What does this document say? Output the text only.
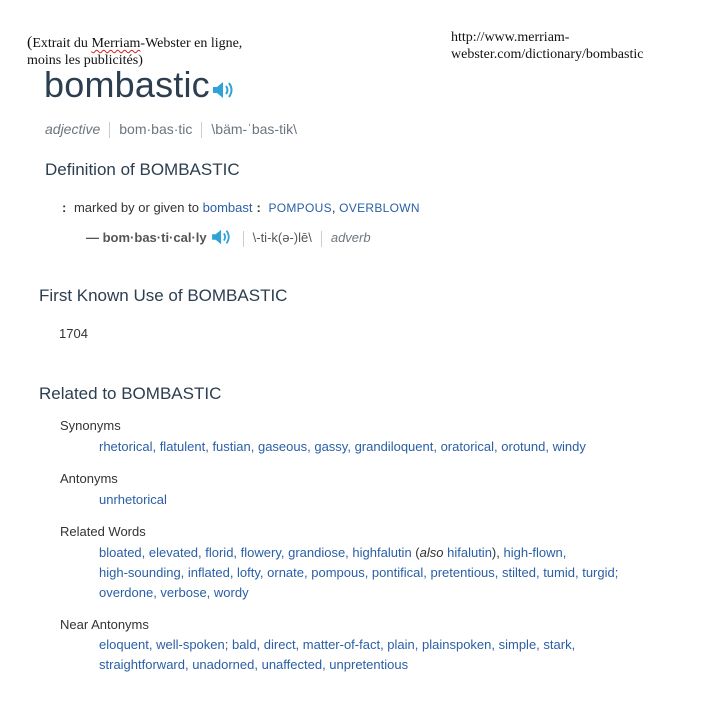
(Extrait du Merriam-Webster en ligne,
moins les publicités)
http://www.merriam-
webster.com/dictionary/bombastic
bombastic
adjective bom·bas·tic \bäm-ˈbas-tik\
Definition of BOMBASTIC
: marked by or given to bombast : POMPOUS, OVERBLOWN
— bom·bas·ti·cal·ly	\-ti-k(ə-)lē\ adverb
First Known Use of BOMBASTIC
1704
Related to BOMBASTIC
Synonyms
rhetorical, flatulent, fustian, gaseous, gassy, grandiloquent, oratorical, orotund, windy
Antonyms
unrhetorical
Related Words
bloated, elevated, florid, flowery, grandiose, highfalutin (also hifalutin), high-flown,
high-sounding, inflated, lofty, ornate, pompous, pontifical, pretentious, stilted, tumid, turgid;
overdone, verbose, wordy
Near Antonyms
eloquent, well-spoken; bald, direct, matter-of-fact, plain, plainspoken, simple, stark,
straightforward, unadorned, unaffected, unpretentious
